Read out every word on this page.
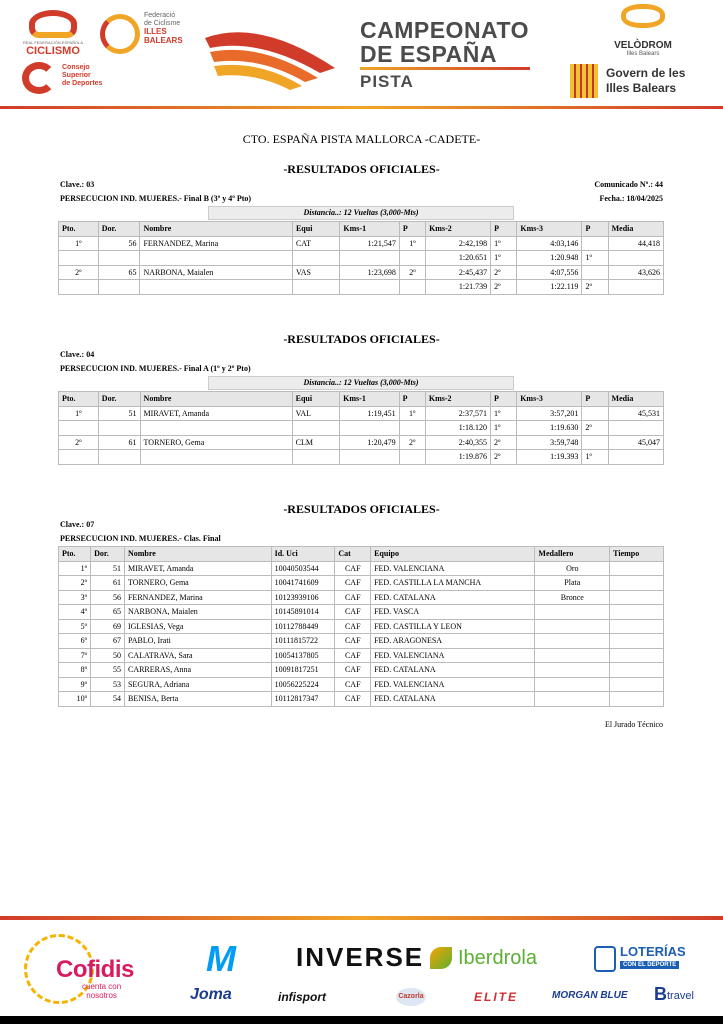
REAL FEDERACIÓN ESPAÑOLA
CICLISMO
Consejo
Superior
de Deportes
Federació
de Ciclisme
ILLES
BALEARS	CAMPEONATO
DE ESPAÑA
PISTA
VELÒDROM
Illes Balears
Govern de les
Illes Balears
CTO. ESPAÑA PISTA MALLORCA -CADETE-
-RESULTADOS OFICIALES-
Clave.: 03	Comunicado Nº.: 44
PERSECUCION IND. MUJERES.- Final B (3º y 4º Pto)	Fecha.: 18/04/2025
Distancia..: 12 Vueltas (3,000-Mts)
Pto.	Dor.	Nombre	Equi	Kms-1	P	Kms-2	P	Kms-3	P	Media
1º	56	FERNANDEZ, Marina	CAT	1:21,547	1º	2:42,198	1º	4:03,146		44,418
						1:20.651	1º	1:20.948	1º	
2º	65	NARBONA, Maialen	VAS	1:23,698	2º	2:45,437	2º	4:07,556		43,626
						1:21.739	2º	1:22.119	2º	
-RESULTADOS OFICIALES-
Clave.: 04
PERSECUCION IND. MUJERES.- Final A (1º y 2º Pto)
Distancia..: 12 Vueltas (3,000-Mts)
Pto.	Dor.	Nombre	Equi	Kms-1	P	Kms-2	P	Kms-3	P	Media
1º	51	MIRAVET, Amanda	VAL	1:19,451	1º	2:37,571	1º	3:57,201		45,531
						1:18.120	1º	1:19.630	2º	
2º	61	TORNERO, Gema	CLM	1:20,479	2º	2:40,355	2º	3:59,748		45,047
						1:19.876	2º	1:19.393	1º	
-RESULTADOS OFICIALES-
Clave.: 07
PERSECUCION IND. MUJERES.- Clas. Final
Pto.	Dor.	Nombre	Id. Uci	Cat	Equipo	Medallero	Tiempo
1º	51	MIRAVET, Amanda	10040503544	CAF	FED. VALENCIANA	Oro	
2º	61	TORNERO, Gema	10041741609	CAF	FED. CASTILLA LA MANCHA	Plata	
3º	56	FERNANDEZ, Marina	10123939106	CAF	FED. CATALANA	Bronce	
4º	65	NARBONA, Maialen	10145891014	CAF	FED. VASCA		
5º	69	IGLESIAS, Vega	10112788449	CAF	FED. CASTILLA Y LEON		
6º	67	PABLO, Irati	10111815722	CAF	FED. ARAGONESA		
7º	50	CALATRAVA, Sara	10054137805	CAF	FED. VALENCIANA		
8º	55	CARRERAS, Anna	10091817251	CAF	FED. CATALANA		
9º	53	SEGURA, Adriana	10056225224	CAF	FED. VALENCIANA		
10º	54	BENISA, Berta	10112817347	CAF	FED. CATALANA		
El Jurado Técnico
Cofidis
cuenta con
nosotros
M
Joma
INVERSE
infisport
Iberdrola
Cazorla	ELITE
LOTERÍAS
CON EL DEPORTE
MORGAN BLUE B travel
